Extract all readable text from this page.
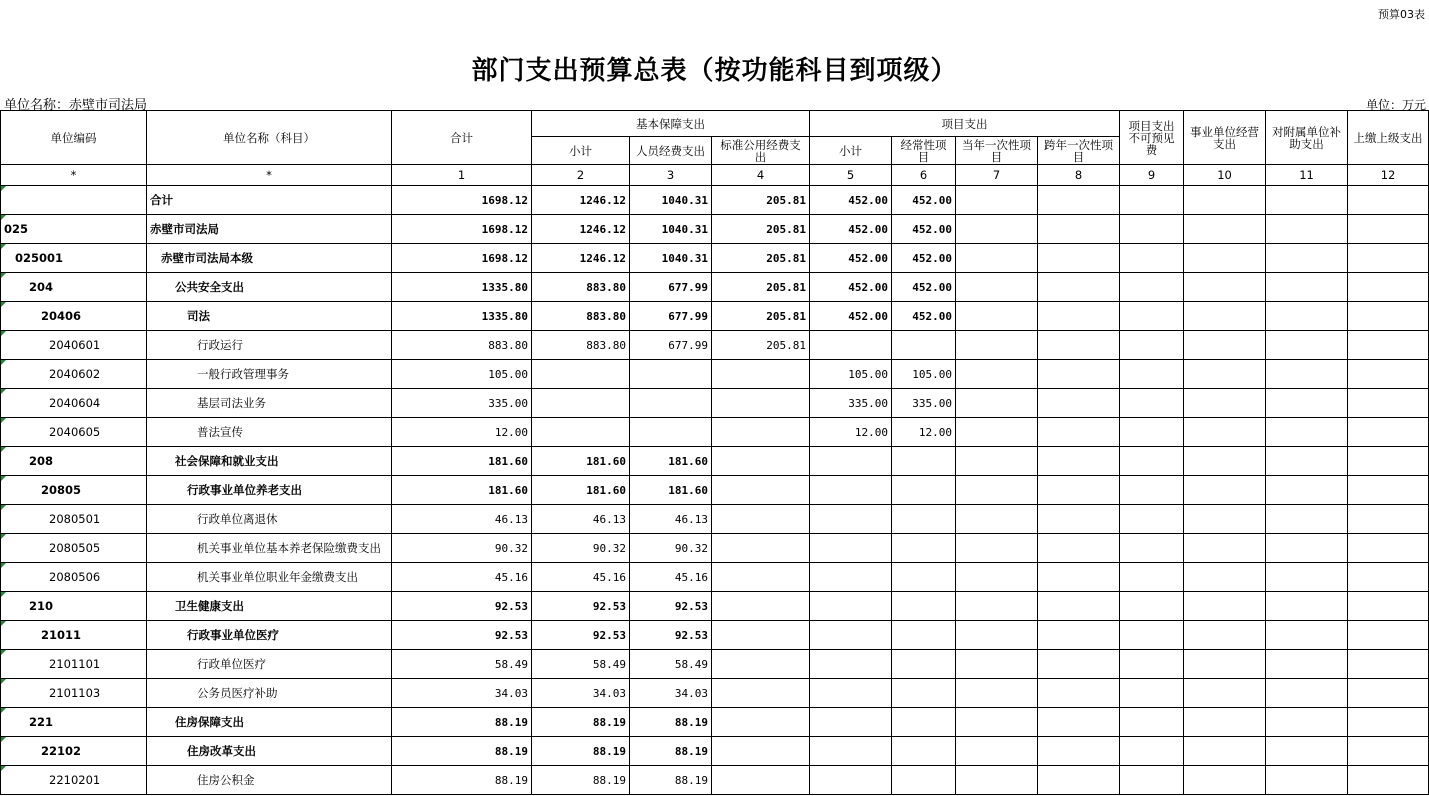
预算03表
部门支出预算总表（按功能科目到项级）
单位名称：赤壁市司法局	单位：万元
单位编码	单位名称（科目）	合计	基本保障支出			项目支出				项目支出不可预见费	事业单位经营支出	对附属单位补助支出	上缴上级支出
			小计	人员经费支出	标准公用经费支出	小计	经常性项目	当年一次性项目	跨年一次性项目				
*	*	1	2	3	4	5	6	7	8	9	10	11	12
	合计	1698.12	1246.12	1040.31	205.81	452.00	452.00						
025	赤壁市司法局	1698.12	1246.12	1040.31	205.81	452.00	452.00						
025001	赤壁市司法局本级	1698.12	1246.12	1040.31	205.81	452.00	452.00						
204	公共安全支出	1335.80	883.80	677.99	205.81	452.00	452.00						
20406	司法	1335.80	883.80	677.99	205.81	452.00	452.00						
2040601	行政运行	883.80	883.80	677.99	205.81								
2040602	一般行政管理事务	105.00				105.00	105.00						
2040604	基层司法业务	335.00				335.00	335.00						
2040605	普法宣传	12.00				12.00	12.00						
208	社会保障和就业支出	181.60	181.60	181.60									
20805	行政事业单位养老支出	181.60	181.60	181.60									
2080501	行政单位离退休	46.13	46.13	46.13									
2080505	机关事业单位基本养老保险缴费支出	90.32	90.32	90.32									
2080506	机关事业单位职业年金缴费支出	45.16	45.16	45.16									
210	卫生健康支出	92.53	92.53	92.53									
21011	行政事业单位医疗	92.53	92.53	92.53									
2101101	行政单位医疗	58.49	58.49	58.49									
2101103	公务员医疗补助	34.03	34.03	34.03									
221	住房保障支出	88.19	88.19	88.19									
22102	住房改革支出	88.19	88.19	88.19									
2210201	住房公积金	88.19	88.19	88.19									
